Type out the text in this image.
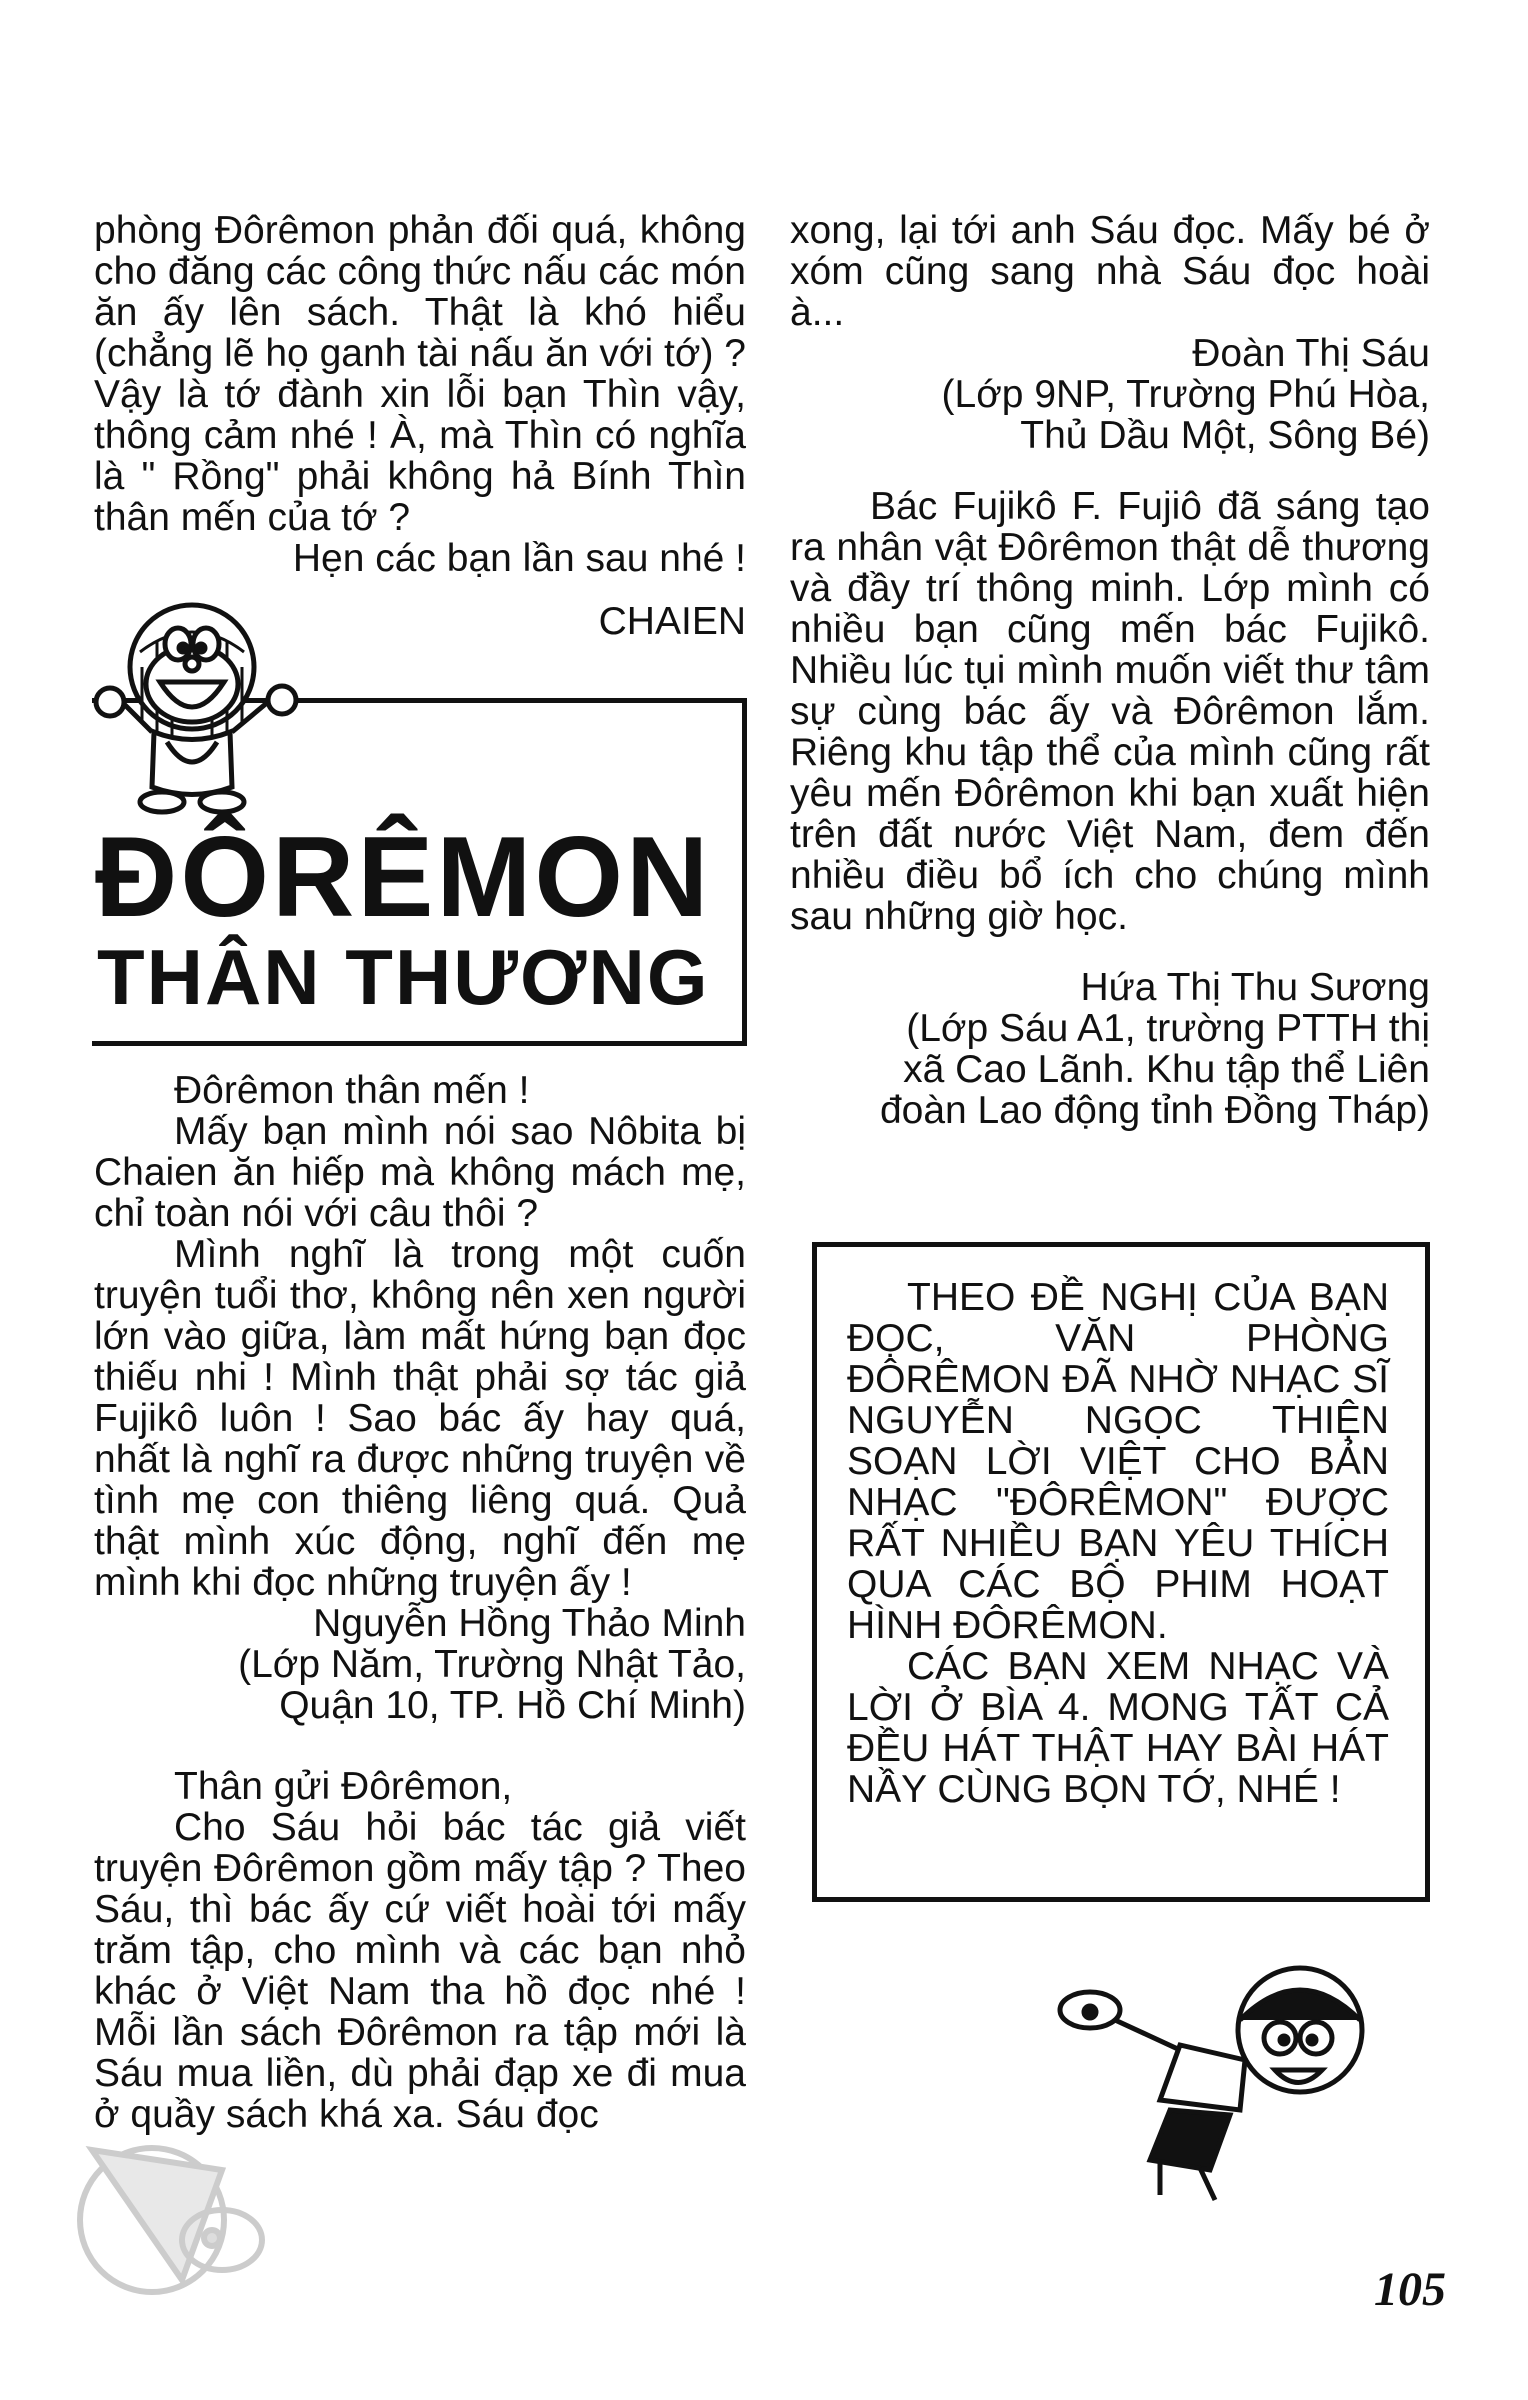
phòng Đôrêmon phản đối quá, không cho đăng các công thức nấu các món ăn ấy lên sách. Thật là khó hiểu (chẳng lẽ họ ganh tài nấu ăn với tớ) ? Vậy là tớ đành xin lỗi bạn Thìn vậy, thông cảm nhé ! À, mà Thìn có nghĩa là " Rồng" phải không hả Bính Thìn thân mến của tớ ?

Hẹn các bạn lần sau nhé !

CHAIEN

ĐÔRÊMON
THÂN THƯƠNG

Đôrêmon thân mến !

Mấy bạn mình nói sao Nôbita bị Chaien ăn hiếp mà không mách mẹ, chỉ toàn nói với câu thôi ?

Mình nghĩ là trong một cuốn truyện tuổi thơ, không nên xen người lớn vào giữa, làm mất hứng bạn đọc thiếu nhi ! Mình thật phải sợ tác giả Fujikô luôn ! Sao bác ấy hay quá, nhất là nghĩ ra được những truyện về tình mẹ con thiêng liêng quá. Quả thật mình xúc động, nghĩ đến mẹ mình khi đọc những truyện ấy !

Nguyễn Hồng Thảo Minh

(Lớp Năm, Trường Nhật Tảo,

Quận 10, TP. Hồ Chí Minh)

Thân gửi Đôrêmon,

Cho Sáu hỏi bác tác giả viết truyện Đôrêmon gồm mấy tập ? Theo Sáu, thì bác ấy cứ viết hoài tới mấy trăm tập, cho mình và các bạn nhỏ khác ở Việt Nam tha hồ đọc nhé ! Mỗi lần sách Đôrêmon ra tập mới là Sáu mua liền, dù phải đạp xe đi mua ở quầy sách khá xa. Sáu đọc

xong, lại tới anh Sáu đọc. Mấy bé ở xóm cũng sang nhà Sáu đọc hoài à...

Đoàn Thị Sáu

(Lớp 9NP, Trường Phú Hòa,

Thủ Dầu Một, Sông Bé)

Bác Fujikô F. Fujiô đã sáng tạo ra nhân vật Đôrêmon thật dễ thương và đầy trí thông minh. Lớp mình có nhiều bạn cũng mến bác Fujikô. Nhiều lúc tụi mình muốn viết thư tâm sự cùng bác ấy và Đôrêmon lắm. Riêng khu tập thể của mình cũng rất yêu mến Đôrêmon khi bạn xuất hiện trên đất nước Việt Nam, đem đến nhiều điều bổ ích cho chúng mình sau những giờ học.

Hứa Thị Thu Sương

(Lớp Sáu A1, trường PTTH thị

xã Cao Lãnh. Khu tập thể Liên

đoàn Lao động tỉnh Đồng Tháp)

THEO ĐỀ NGHỊ CỦA BẠN ĐỌC, VĂN PHÒNG ĐÔRÊMON ĐÃ NHỜ NHẠC SĨ NGUYỄN NGỌC THIỆN SOẠN LỜI VIỆT CHO BẢN NHẠC "ĐÔRÊMON" ĐƯỢC RẤT NHIỀU BẠN YÊU THÍCH QUA CÁC BỘ PHIM HOẠT HÌNH ĐÔRÊMON.

CÁC BẠN XEM NHẠC VÀ LỜI Ở BÌA 4. MONG TẤT CẢ ĐỀU HÁT THẬT HAY BÀI HÁT NẦY CÙNG BỌN TỚ, NHÉ !

105
